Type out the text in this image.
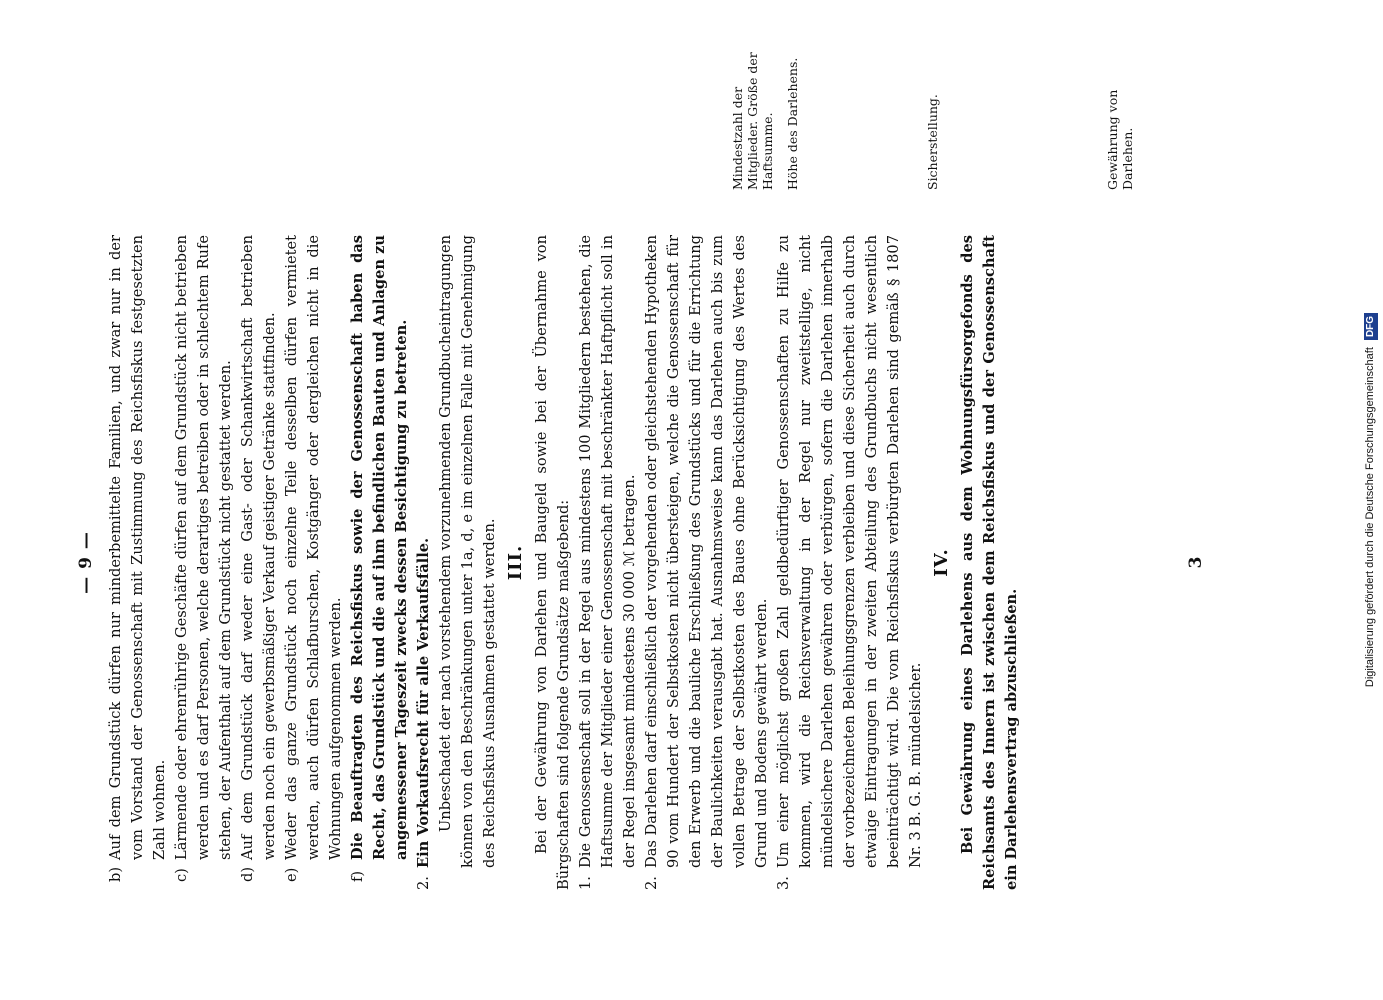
— 9 —
b)
Auf dem Grundstück dürfen nur minderbemittelte Familien, und zwar nur in der vom Vorstand der Genossenschaft mit Zustimmung des Reichsfiskus festgesetzten Zahl wohnen.
c)
Lärmende oder ehrenrührige Geschäfte dürfen auf dem Grundstück nicht betrieben werden und es darf Personen, welche derartiges betreiben oder in schlechtem Rufe stehen, der Aufenthalt auf dem Grundstück nicht gestattet werden.
d)
Auf dem Grundstück darf weder eine Gast- oder Schankwirtschaft betrieben werden noch ein gewerbsmäßiger Verkauf geistiger Getränke stattfinden.
e)
Weder das ganze Grundstück noch einzelne Teile desselben dürfen vermietet werden, auch dürfen Schlafburschen, Kostgänger oder dergleichen nicht in die Wohnungen aufgenommen werden.
f)
Die Beauftragten des Reichsfiskus sowie der Genossenschaft haben das Recht, das Grundstück und die auf ihm befindlichen Bauten und Anlagen zu angemessener Tageszeit zwecks dessen Besichtigung zu betreten.
2.
Ein Vorkaufsrecht für alle Verkaufsfälle. Unbeschadet der nach vorstehendem vorzunehmenden Grundbucheintragungen können von den Beschränkungen unter 1a, d, e im einzelnen Falle mit Genehmigung des Reichsfiskus Ausnahmen gestattet werden. III. Bei der Gewährung von Darlehen und Baugeld sowie bei der Übernahme von Bürgschaften sind folgende Grundsätze maßgebend: 1.
Die Genossenschaft soll in der Regel aus mindestens 100 Mitgliedern bestehen, die Haftsumme der Mitglieder einer Genossenschaft mit beschränkter Haftpflicht soll in der Regel insgesamt mindestens 30 000 ℳ betragen.
2.
Das Darlehen darf einschließlich der vorgehenden oder gleichstehenden Hypotheken 90 vom Hundert der Selbstkosten nicht übersteigen, welche die Genossenschaft für den Erwerb und die bauliche Erschließung des Grundstücks und für die Errichtung der Baulichkeiten verausgabt hat. Ausnahmsweise kann das Darlehen auch bis zum vollen Betrage der Selbstkosten des Baues ohne Berücksichtigung des Wertes des Grund und Bodens gewährt werden.
3.
Um einer möglichst großen Zahl geldbedürftiger Genossenschaften zu Hilfe zu kommen, wird die Reichsverwaltung in der Regel nur zweitstellige, nicht mündelsichere Darlehen gewähren oder verbürgen, sofern die Darlehen innerhalb der vorbezeichneten Beleihungsgrenzen verbleiben und diese Sicherheit auch durch etwaige Eintragungen in der zweiten Abteilung des Grundbuchs nicht wesentlich beeinträchtigt wird. Die vom Reichsfiskus verbürgten Darlehen sind gemäß § 1807 Nr. 3 B. G. B. mündelsicher.
IV. Bei Gewährung eines Darlehens aus dem Wohnungsfürsorgefonds des Reichsamts des Innern ist zwischen dem Reichsfiskus und der Genossenschaft ein Darlehensvertrag abzuschließen.
3
Mindestzahl der Mitglieder. Größe der Haftsumme. Höhe des Darlehens.	Sicherstellung.	Gewährung von Darlehen.
Digitalisierung gefördert durch die Deutsche Forschungsgemeinschaft DFG
